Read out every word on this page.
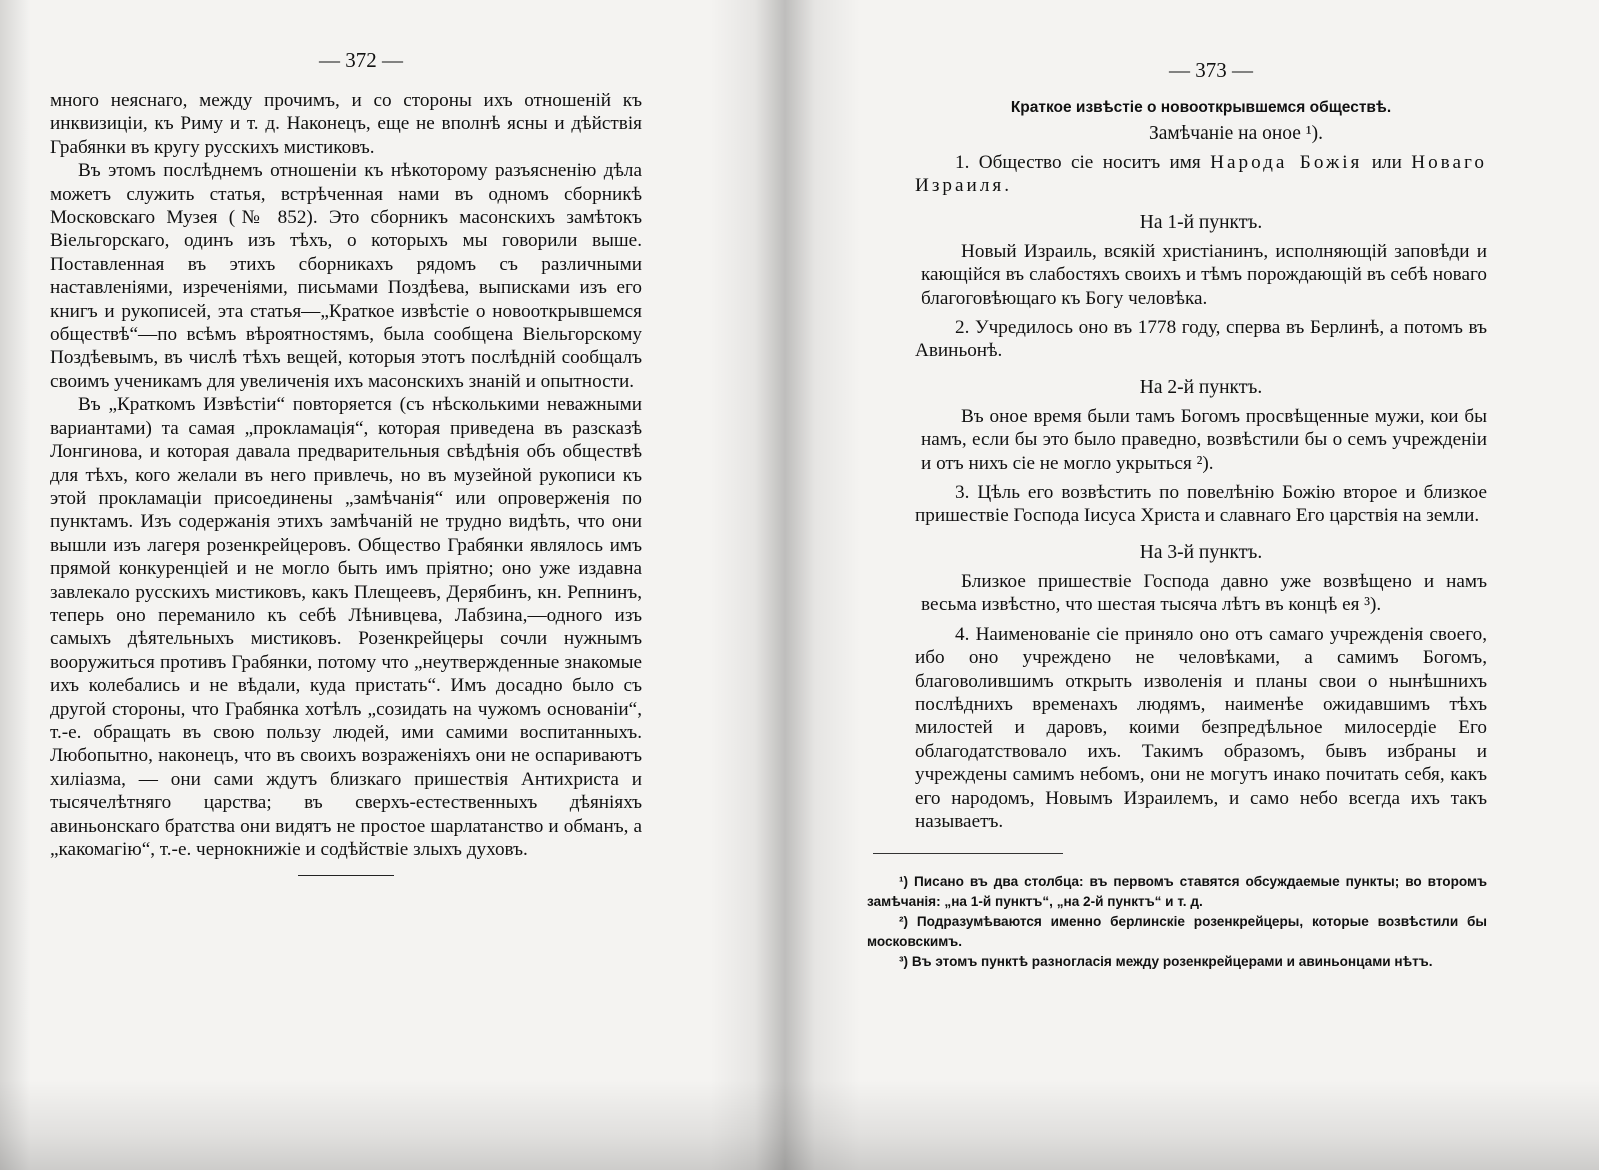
— 372 —

много неяснаго, между прочимъ, и со стороны ихъ отношеній къ инквизиціи, къ Риму и т. д. Наконецъ, еще не вполнѣ ясны и дѣйствія Грабянки въ кругу русскихъ мистиковъ.

Въ этомъ послѣднемъ отношеніи къ нѣкоторому разъясненію дѣла можетъ служить статья, встрѣченная нами въ одномъ сборникѣ Московскаго Музея (№ 852). Это сборникъ масонскихъ замѣтокъ Віельгорскаго, одинъ изъ тѣхъ, о которыхъ мы говорили выше. Поставленная въ этихъ сборникахъ рядомъ съ различными наставленіями, изреченіями, письмами Поздѣева, выписками изъ его книгъ и рукописей, эта статья—„Краткое извѣстіе о новооткрывшемся обществѣ“—по всѣмъ вѣроятностямъ, была сообщена Віельгорскому Поздѣевымъ, въ числѣ тѣхъ вещей, которыя этотъ послѣдній сообщалъ своимъ ученикамъ для увеличенія ихъ масонскихъ знаній и опытности.

Въ „Краткомъ Извѣстіи“ повторяется (съ нѣсколькими неважными вариантами) та самая „прокламація“, которая приведена въ разсказѣ Лонгинова, и которая давала предварительныя свѣдѣнія объ обществѣ для тѣхъ, кого желали въ него привлечь, но въ музейной рукописи къ этой прокламаціи присоединены „замѣчанія“ или опроверженія по пунктамъ. Изъ содержанія этихъ замѣчаній не трудно видѣть, что они вышли изъ лагеря розенкрейцеровъ. Общество Грабянки являлось имъ прямой конкуренціей и не могло быть имъ пріятно; оно уже издавна завлекало русскихъ мистиковъ, какъ Плещеевъ, Дерябинъ, кн. Репнинъ, теперь оно переманило къ себѣ Лѣнивцева, Лабзина,—одного изъ самыхъ дѣятельныхъ мистиковъ. Розенкрейцеры сочли нужнымъ вооружиться противъ Грабянки, потому что „неутвержденные знакомые ихъ колебались и не вѣдали, куда пристать“. Имъ досадно было съ другой стороны, что Грабянка хотѣлъ „созидать на чужомъ основаніи“, т.-е. обращать въ свою пользу людей, ими самими воспитанныхъ. Любопытно, наконецъ, что въ своихъ возраженіяхъ они не оспариваютъ хиліазма, — они сами ждутъ близкаго пришествія Антихриста и тысячелѣтняго царства; въ сверхъ-естественныхъ дѣяніяхъ авиньонскаго братства они видятъ не простое шарлатанство и обманъ, а „какомагію“, т.-е. чернокнижіе и содѣйствіе злыхъ духовъ.

— 373 —
Краткое извѣстіе о новооткрывшемся обществѣ.
Замѣчаніе на оное ¹).
1. Общество сіе носитъ имя Народа Божія или Новаго Израиля.
На 1-й пунктъ.
Новый Израиль, всякій христіанинъ, исполняющій заповѣди и кающійся въ слабостяхъ своихъ и тѣмъ порождающій въ себѣ новаго благоговѣющаго къ Богу человѣка.
2. Учредилось оно въ 1778 году, сперва въ Берлинѣ, а потомъ въ Авиньонѣ.
На 2-й пунктъ.
Въ оное время были тамъ Богомъ просвѣщенные мужи, кои бы намъ, если бы это было праведно, возвѣстили бы о семъ учрежденіи и отъ нихъ сіе не могло укрыться ²).
3. Цѣль его возвѣстить по повелѣнію Божію второе и близкое пришествіе Господа Іисуса Христа и славнаго Его царствія на земли.
На 3-й пунктъ.
Близкое пришествіе Господа давно уже возвѣщено и намъ весьма извѣстно, что шестая тысяча лѣтъ въ концѣ ея ³).
4. Наименованіе сіе приняло оно отъ самаго учрежденія своего, ибо оно учреждено не человѣками, а самимъ Богомъ, благоволившимъ открыть изволенія и планы свои о нынѣшнихъ послѣднихъ временахъ людямъ, наименѣе ожидавшимъ тѣхъ милостей и даровъ, коими безпредѣльное милосердіе Его облагодатствовало ихъ. Такимъ образомъ, бывъ избраны и учреждены самимъ небомъ, они не могутъ инако почитать себя, какъ его народомъ, Новымъ Израилемъ, и само небо всегда ихъ такъ называетъ.

¹) Писано въ два столбца: въ первомъ ставятся обсуждаемые пункты; во второмъ замѣчанія: „на 1-й пунктъ“, „на 2-й пунктъ“ и т. д.

²) Подразумѣваются именно берлинскіе розенкрейцеры, которые возвѣстили бы московскимъ.

³) Въ этомъ пунктѣ разногласія между розенкрейцерами и авиньонцами нѣтъ.
